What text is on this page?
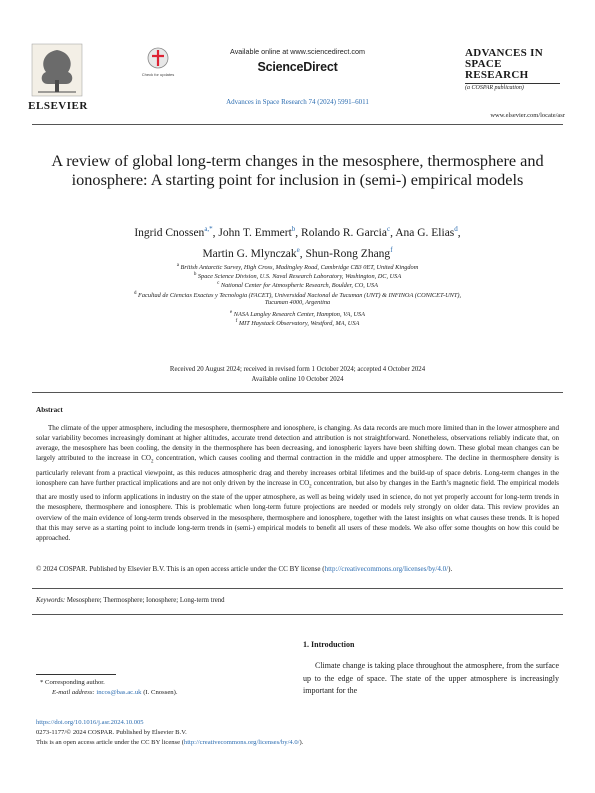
ELSEVIER
Check for updates
Available online at www.sciencedirect.com
ScienceDirect
Advances in Space Research 74 (2024) 5991–6011
ADVANCES IN
SPACE
RESEARCH
(a COSPAR publication)
www.elsevier.com/locate/asr
A review of global long-term changes in the mesosphere, thermosphere and ionosphere: A starting point for inclusion in (semi-) empirical models
Ingrid Cnossen$^{a,*}$, John T. Emmert$^b$, Rolando R. Garcia$^c$, Ana G. Elias$^d$,
Martin G. Mlynczak$^e$, Shun-Rong Zhang$^f$
$^a$ British Antarctic Survey, High Cross, Madingley Road, Cambridge CB3 0ET, United Kingdom
$^b$ Space Science Division, U.S. Naval Research Laboratory, Washington, DC, USA
$^c$ National Center for Atmospheric Research, Boulder, CO, USA
$^d$ Facultad de Ciencias Exactas y Tecnologia (FACET), Universidad Nacional de Tucuman (UNT) & INFINOA (CONICET-UNT),
Tucuman 4000, Argentina
$^e$ NASA Langley Research Center, Hampton, VA, USA
$^f$ MIT Haystack Observatory, Westford, MA, USA
Received 20 August 2024; received in revised form 1 October 2024; accepted 4 October 2024
Available online 10 October 2024
Abstract
The climate of the upper atmosphere, including the mesosphere, thermosphere and ionosphere, is changing. As data records are much more limited than in the lower atmosphere and solar variability becomes increasingly dominant at higher altitudes, accurate trend detection and attribution is not straightforward. Nonetheless, observations reliably indicate that, on average, the mesosphere has been cooling, the density in the thermosphere has been decreasing, and ionospheric layers have been shifting down. These global mean changes can be largely attributed to the increase in $CO_2$ concentration, which causes cooling and thermal contraction in the middle and upper atmosphere. The decline in thermosphere density is particularly relevant from a practical viewpoint, as this reduces atmospheric drag and thereby increases orbital lifetimes and the build-up of space debris. Long-term changes in the ionosphere can have further practical implications and are not only driven by the increase in $CO_2$ concentration, but also by changes in the Earth’s magnetic field. The empirical models that are mostly used to inform applications in industry on the state of the upper atmosphere, as well as being widely used in science, do not yet properly account for long-term trends in the mesosphere, thermosphere and ionosphere. This is problematic when long-term future projections are needed or models rely strongly on older data. This review provides an overview of the main evidence of long-term trends observed in the mesosphere, thermosphere and ionosphere, together with the latest insights on what causes these trends. It is hoped that this may serve as a starting point to include long-term trends in (semi-) empirical models to benefit all users of these models. We also offer some thoughts on how this could be approached.
© 2024 COSPAR. Published by Elsevier B.V. This is an open access article under the CC BY license (http://creativecommons.org/licenses/by/4.0/).
Keywords: Mesosphere; Thermosphere; Ionosphere; Long-term trend
1. Introduction
Climate change is taking place throughout the atmosphere, from the surface up to the edge of space. The state of the upper atmosphere is increasingly important for the
* Corresponding author.
E-mail address: incos@bas.ac.uk (I. Cnossen).
https://doi.org/10.1016/j.asr.2024.10.005
0273-1177/© 2024 COSPAR. Published by Elsevier B.V.
This is an open access article under the CC BY license (http://creativecommons.org/licenses/by/4.0/).
